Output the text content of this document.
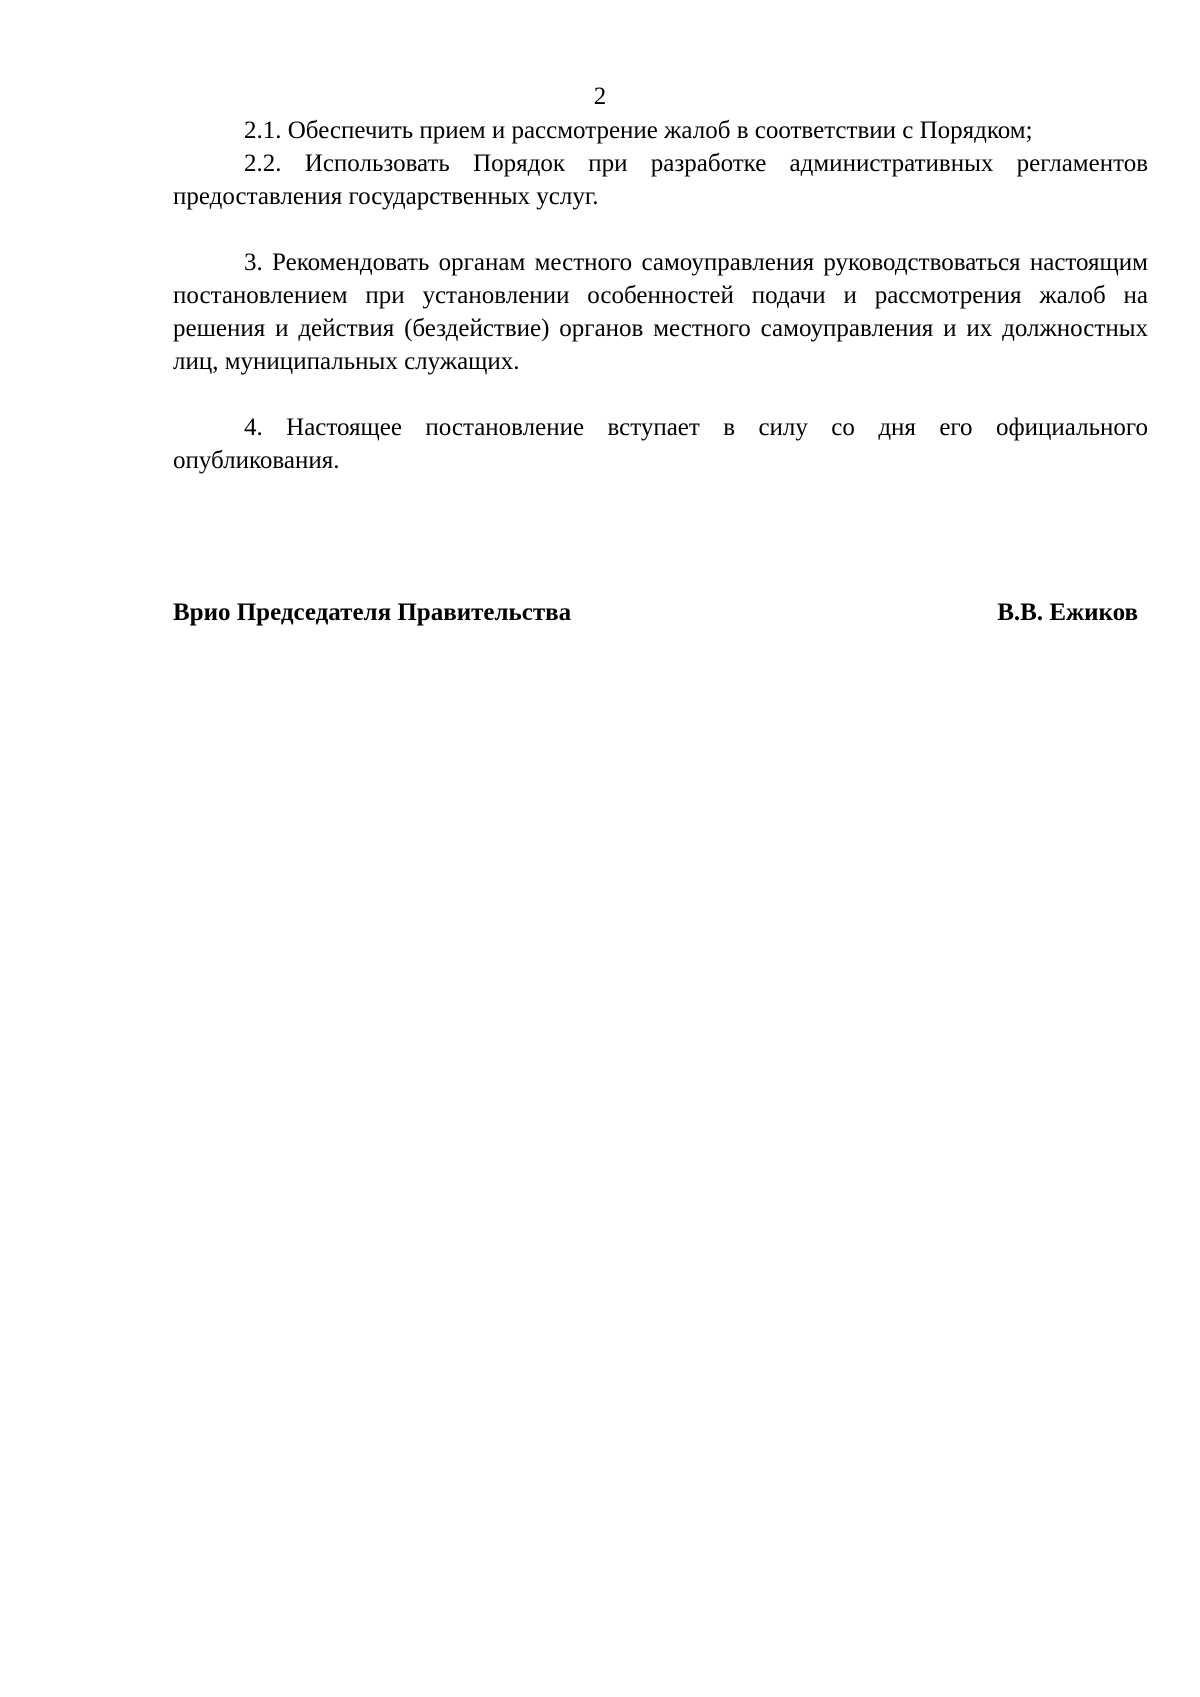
2

2.1. Обеспечить прием и рассмотрение жалоб в соответствии с Порядком;

2.2. Использовать Порядок при разработке административных регламентов предоставления государственных услуг.

3. Рекомендовать органам местного самоуправления руководствоваться настоящим постановлением при установлении особенностей подачи и рассмотрения жалоб на решения и действия (бездействие) органов местного самоуправления и их должностных лиц, муниципальных служащих.

4. Настоящее постановление вступает в силу со дня его официального опубликования.

Врио Председателя Правительства	В.В. Ежиков
